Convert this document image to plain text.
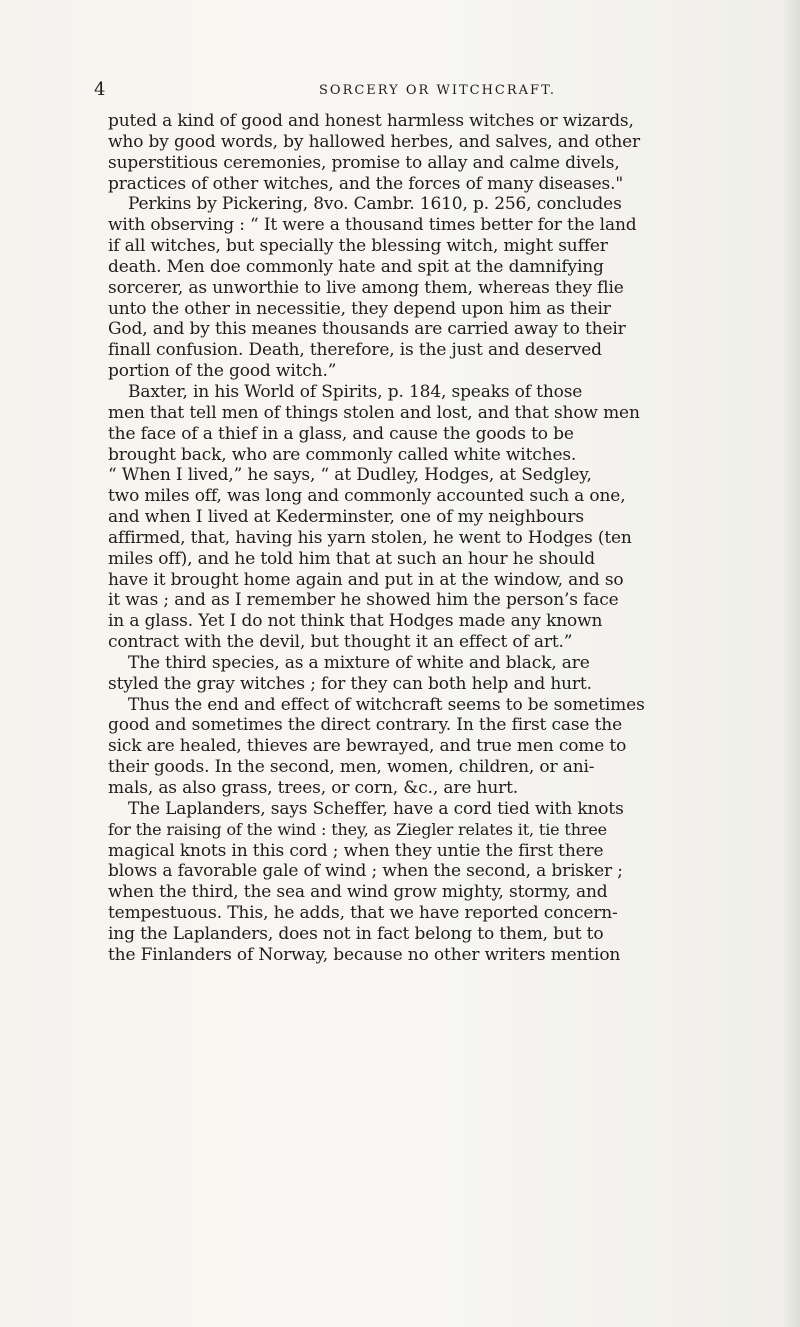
4	SORCERY OR WITCHCRAFT.
puted a kind of good and honest harmless witches or wizards,
who by good words, by hallowed herbes, and salves, and other
superstitious ceremonies, promise to allay and calme divels,
practices of other witches, and the forces of many diseases."
Perkins by Pickering, 8vo. Cambr. 1610, p. 256, concludes
with observing : “ It were a thousand times better for the land
if all witches, but specially the blessing witch, might suffer
death. Men doe commonly hate and spit at the damnifying
sorcerer, as unworthie to live among them, whereas they flie
unto the other in necessitie, they depend upon him as their
God, and by this meanes thousands are carried away to their
finall confusion. Death, therefore, is the just and deserved
portion of the good witch.”
Baxter, in his World of Spirits, p. 184, speaks of those
men that tell men of things stolen and lost, and that show men
the face of a thief in a glass, and cause the goods to be
brought back, who are commonly called white witches.
“ When I lived,” he says, “ at Dudley, Hodges, at Sedgley,
two miles off, was long and commonly accounted such a one,
and when I lived at Kederminster, one of my neighbours
affirmed, that, having his yarn stolen, he went to Hodges (ten
miles off), and he told him that at such an hour he should
have it brought home again and put in at the window, and so
it was ; and as I remember he showed him the person’s face
in a glass. Yet I do not think that Hodges made any known
contract with the devil, but thought it an effect of art.”
The third species, as a mixture of white and black, are
styled the gray witches ; for they can both help and hurt.
Thus the end and effect of witchcraft seems to be sometimes
good and sometimes the direct contrary. In the first case the
sick are healed, thieves are bewrayed, and true men come to
their goods. In the second, men, women, children, or ani-
mals, as also grass, trees, or corn, &c., are hurt.
The Laplanders, says Scheffer, have a cord tied with knots
for the raising of the wind : they, as Ziegler relates it, tie three
magical knots in this cord ; when they untie the first there
blows a favorable gale of wind ; when the second, a brisker ;
when the third, the sea and wind grow mighty, stormy, and
tempestuous. This, he adds, that we have reported concern-
ing the Laplanders, does not in fact belong to them, but to
the Finlanders of Norway, because no other writers mention
